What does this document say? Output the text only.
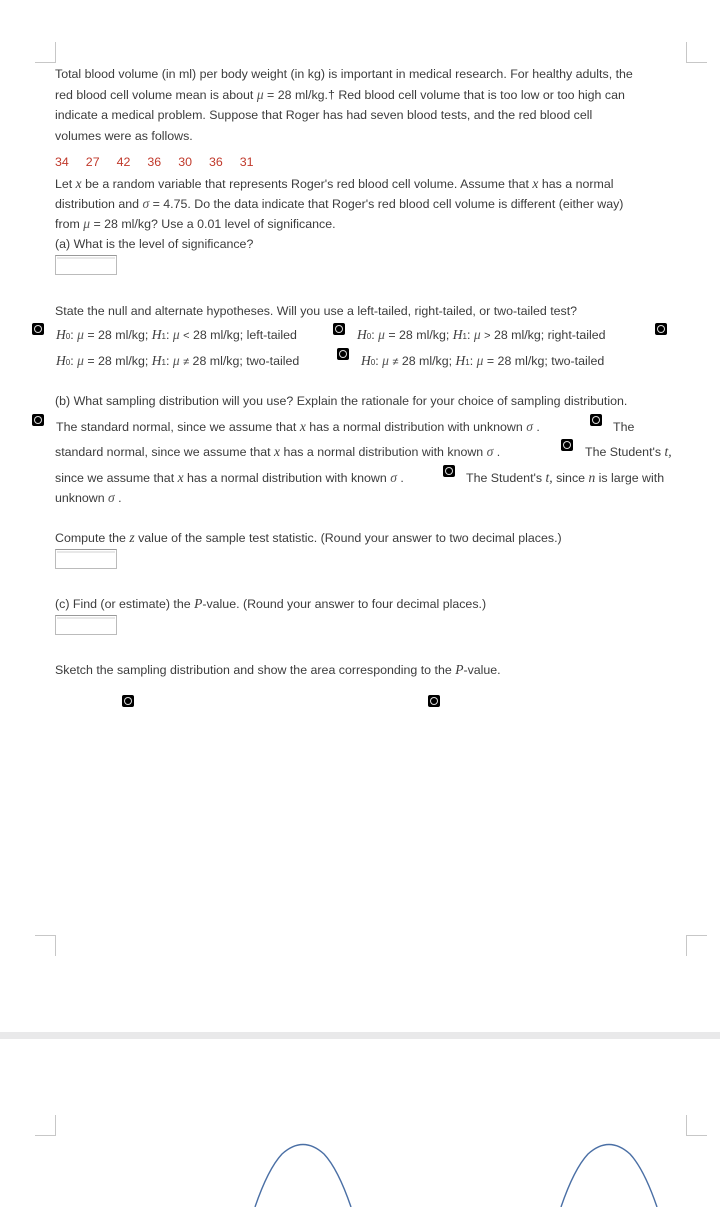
Total blood volume (in ml) per body weight (in kg) is important in medical research. For healthy adults, the
red blood cell volume mean is about μ = 28 ml/kg.† Red blood cell volume that is too low or too high can
indicate a medical problem. Suppose that Roger has had seven blood tests, and the red blood cell
volumes were as follows.
34 27 42 36 30 36 31
Let x be a random variable that represents Roger's red blood cell volume. Assume that x has a normal
distribution and σ = 4.75. Do the data indicate that Roger's red blood cell volume is different (either way)
from μ = 28 ml/kg? Use a 0.01 level of significance.
(a) What is the level of significance?
State the null and alternate hypotheses. Will you use a left-tailed, right-tailed, or two-tailed test?
H0: μ = 28 ml/kg; H1: μ < 28 ml/kg; left-tailed	H0: μ = 28 ml/kg; H1: μ > 28 ml/kg; right-tailed
H0: μ = 28 ml/kg; H1: μ ≠ 28 ml/kg; two-tailed	H0: μ ≠ 28 ml/kg; H1: μ = 28 ml/kg; two-tailed
(b) What sampling distribution will you use? Explain the rationale for your choice of sampling distribution.
The standard normal, since we assume that x has a normal distribution with unknown σ .	The
standard normal, since we assume that x has a normal distribution with known σ .	The Student's t,
since we assume that x has a normal distribution with known σ .	The Student's t, since n is large with
unknown σ .
Compute the z value of the sample test statistic. (Round your answer to two decimal places.)
(c) Find (or estimate) the P-value. (Round your answer to four decimal places.)
Sketch the sampling distribution and show the area corresponding to the P-value.
